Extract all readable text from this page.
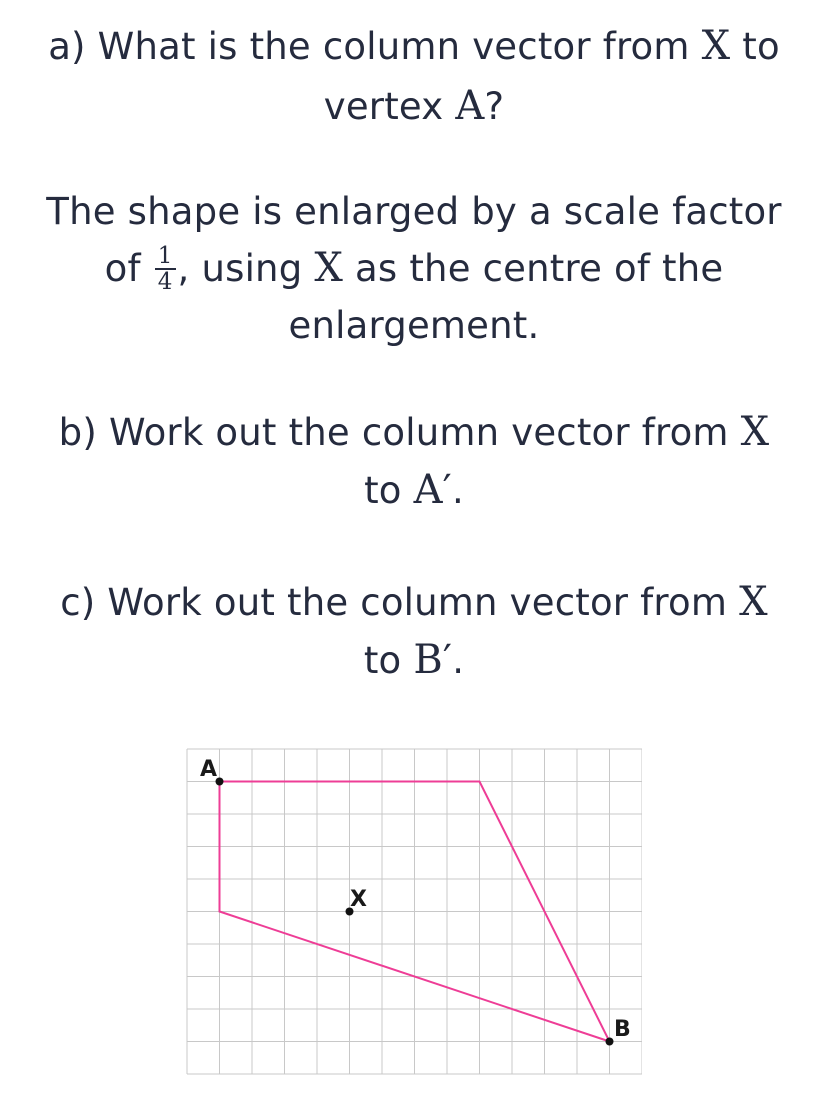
a) What is the column vector from X to
vertex A?
The shape is enlarged by a scale factor
of $\frac{1}{4}$ , using X as the centre of the
enlargement.
b) Work out the column vector from X
to A′.
c) Work out the column vector from X
to B′.
A
X
B
